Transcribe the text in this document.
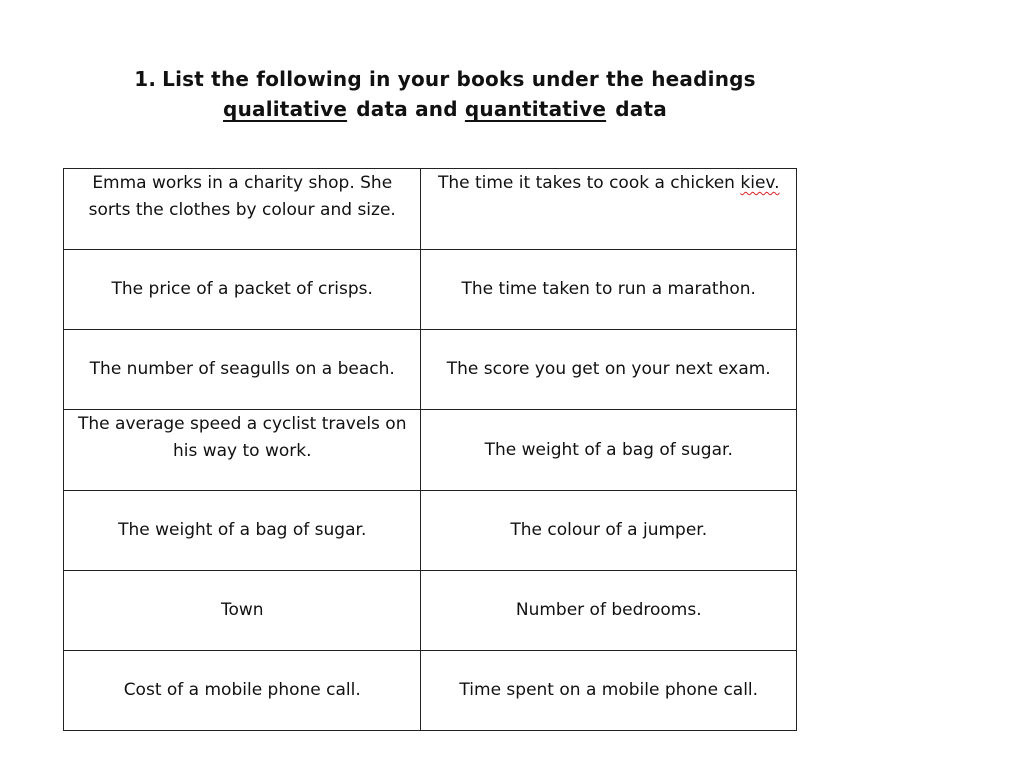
1. List the following in your books under the headings
qualitative data and quantitative data
Emma works in a charity shop. She sorts the clothes by colour and size.	The time it takes to cook a chicken kiev.
The price of a packet of crisps.	The time taken to run a marathon.
The number of seagulls on a beach.	The score you get on your next exam.
The average speed a cyclist travels on his way to work.	The weight of a bag of sugar.
The weight of a bag of sugar.	The colour of a jumper.
Town	Number of bedrooms.
Cost of a mobile phone call.	Time spent on a mobile phone call.
